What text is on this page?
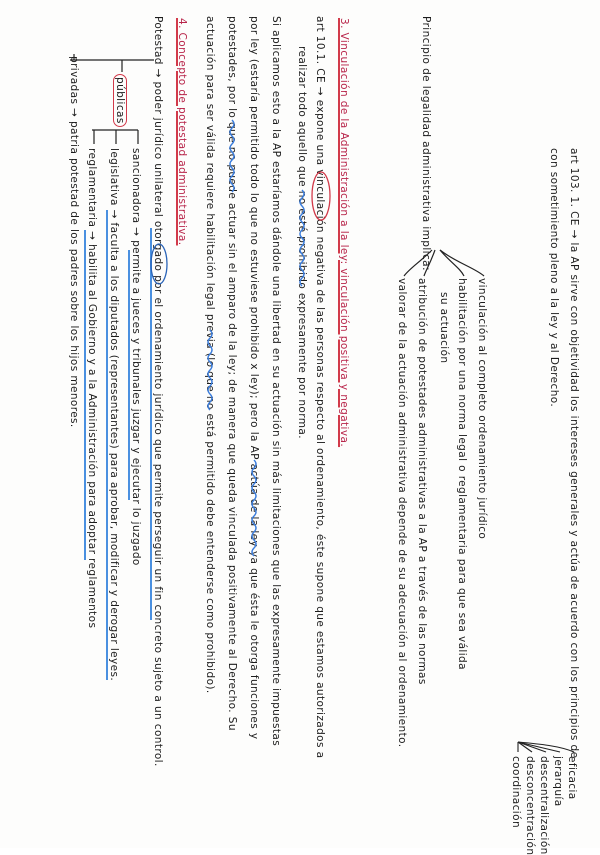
art 103. 1. CE → la AP sirve con objetividad los intereses generales y actúa de acuerdo con los principios de
con sometimiento pleno a la ley y al Derecho.
eficacia
jerarquía
descentralización
desconcentración
coordinación
Principio de legalidad administrativa implica:
vinculación al completo ordenamiento jurídico
habilitación por una norma legal o reglamentaria para que sea válida
su actuación
atribución de potestades administrativas a la AP a través de las normas
valorar de la actuación administrativa depende de su adecuación al ordenamiento.
3. Vinculación de la Administración a la ley: vinculación positiva y negativa.
art 10.1. CE → expone una vinculación negativa de las personas respecto al ordenamiento, éste supone que estamos autorizados a
realizar todo aquello que no esté prohibido expresamente por norma.
Si aplicamos esto a la AP estaríamos dándole una libertad en su actuación sin más limitaciones que las expresamente impuestas
por ley (estaría permitido todo lo que no estuviese prohibido x ley); pero la AP actúa de la ley ya que ésta le otorga funciones y
potestades, por lo que no puede actuar sin el amparo de la ley; de manera que queda vinculada positivamente al Derecho. Su
actuación para ser válida requiere habilitación legal previa (lo que no está permitido debe entenderse como prohibido).
4. Concepto de potestad administrativa.
Potestad → poder jurídico unilateral otorgado por el ordenamiento jurídico que permite perseguir un fin concreto sujeto a un control.
públicas
sancionadora → permite a jueces y tribunales juzgar y ejecutar lo juzgado
legislativa → faculta a los diputados (representantes) para aprobar, modificar y derogar leyes.
reglamentaria → habilita al Gobierno y a la Administración para adoptar reglamentos
privadas → patria potestad de los padres sobre los hijos menores.
